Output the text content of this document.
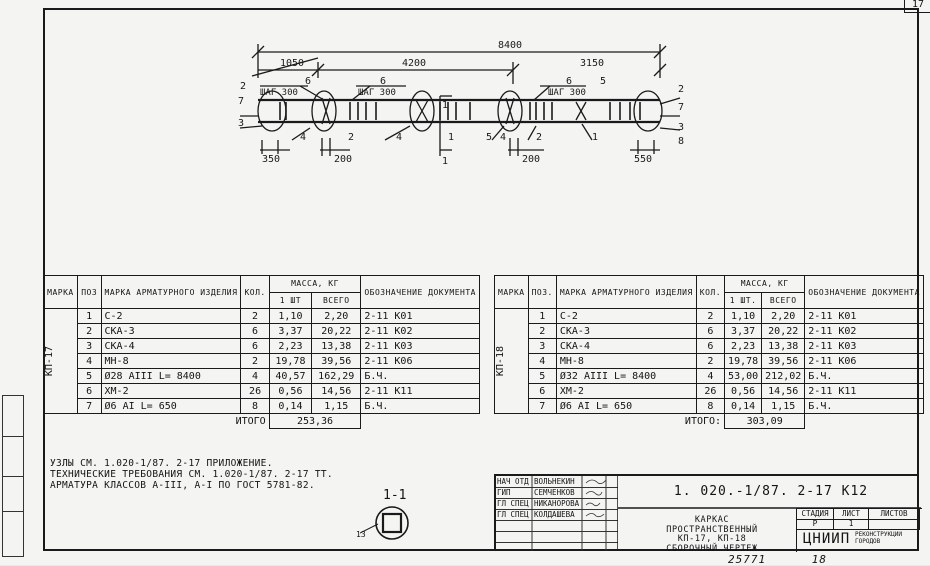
17
8400
1050	4200	3150
ШАГ 300	ШАГ 300	ШАГ 300
2
7
3
6	6	6	5
2
7
3
4	2	4	1	5 4	2	1	8
1
1
350	200	200	550
МАРКА	ПОЗ	МАРКА АРМАТУРНОГО ИЗДЕЛИЯ	КОЛ.	МАССА, КГ		ОБОЗНАЧЕНИЕ ДОКУМЕНТА
				1 ШТ	ВСЕГО	

КП-17	1	С-2	2	1,10	2,20	2-11 К01
	2	СКА-3	6	3,37	20,22	2-11 К02
	3	СКА-4	6	2,23	13,38	2-11 К03
	4	МН-8	2	19,78	39,56	2-11 К06
	5	Ø28 АIII L= 8400	4	40,57	162,29	Б.Ч.
	6	ХМ-2	26	0,56	14,56	2-11 К11
	7	Ø6 АI L= 650	8	0,14	1,15	Б.Ч.
ИТОГО				253,36		
МАРКА	ПОЗ.	МАРКА АРМАТУРНОГО ИЗДЕЛИЯ	КОЛ.	МАССА, КГ		ОБОЗНАЧЕНИЕ ДОКУМЕНТА
				1 ШТ.	ВСЕГО	

КП-18	1	С-2	2	1,10	2,20	2-11 К01
	2	СКА-3	6	3,37	20,22	2-11 К02
	3	СКА-4	6	2,23	13,38	2-11 К03
	4	МН-8	2	19,78	39,56	2-11 К06
	5	Ø32 АIII L= 8400	4	53,00	212,02	Б.Ч.
	6	ХМ-2	26	0,56	14,56	2-11 К11
	7	Ø6 АI L= 650	8	0,14	1,15	Б.Ч.
ИТОГО:				303,09		
УЗЛЫ СМ. 1.020-1/87. 2-17 ПРИЛОЖЕНИЕ.
ТЕХНИЧЕСКИЕ ТРЕБОВАНИЯ СМ. 1.020-1/87. 2-17 ТТ.
АРМАТУРА КЛАССОВ А-III, А-I ПО ГОСТ 5781-82.
1-1
13
НАЧ ОТД ВОЛЬНЕКИН
ГИП	СЕМЧЕНКОВ
ГЛ СПЕЦ НИКАНОРОВА
ГЛ СПЕЦ КОЛДАШЕВА
1. 020.-1/87. 2-17 К12
КАРКАС
ПРОСТРАНСТВЕННЫЙ
КП-17, КП-18
СБОРОЧНЫЙ ЧЕРТЕЖ
СТАДИЯ	ЛИСТ	ЛИСТОВ
Р	1
ЦНИИП РЕКОНСТРУКЦИИ
ГОРОДОВ
25771	18
